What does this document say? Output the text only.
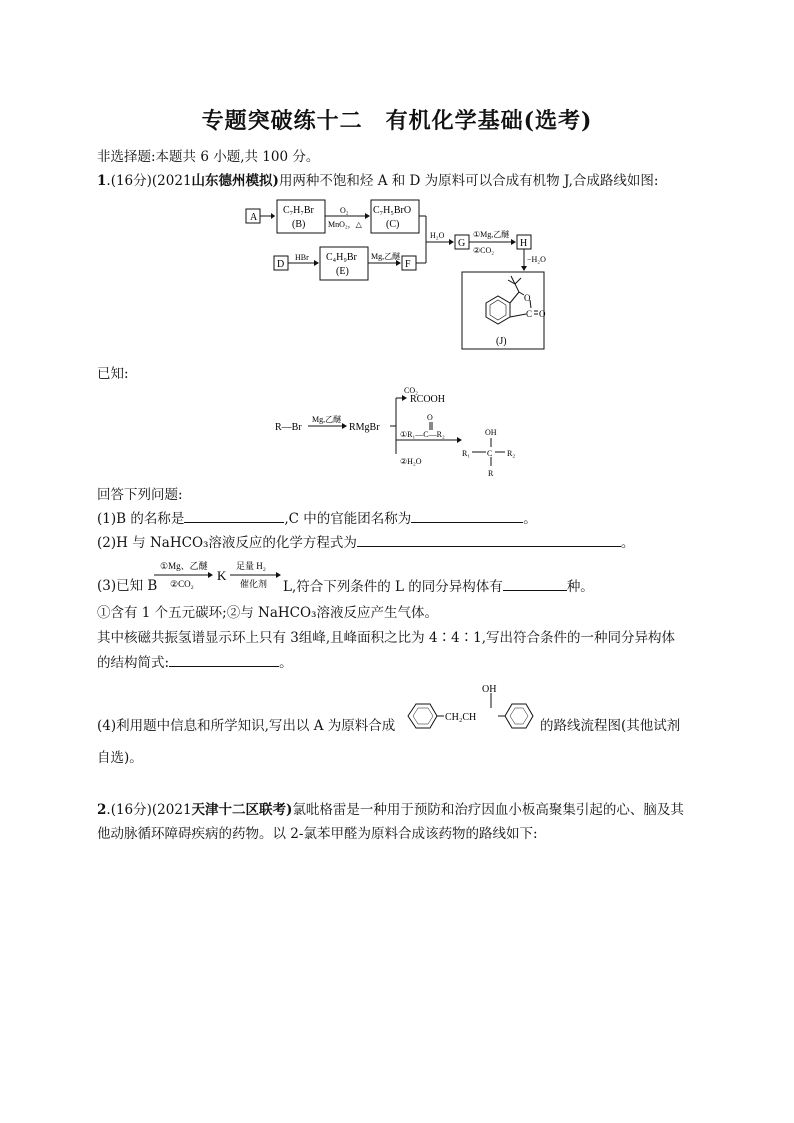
专题突破练十二　有机化学基础(选考)
非选择题:本题共 6 小题,共 100 分。
1.(16分)(2021山东德州模拟)用两种不饱和烃 A 和 D 为原料可以合成有机物 J,合成路线如图:
A
C₇H₇Br
(B)
O₂
MnO₂，△
C₇H₅BrO
(C)
D
HBr C₄H₉Br
(E)
Mg,乙醚
F
H₂O
G
①Mg,乙醚
②CO₂
H
−H₂O
O
C O
(J)
已知:
R—Br
Mg,乙醚
RMgBr
CO₂
RCOOH
O
①R₁—C—R₂
②H₂O
R₁ C R₂
OH
R
回答下列问题:
(1)B 的名称是	,C 中的官能团名称为	。
(2)H 与 NaHCO₃溶液反应的化学方程式为	。
(3)已知 B
①Mg、乙醚
②CO₂
K
足量 H₂
催化剂 L,符合下列条件的 L 的同分异构体有	种。
①含有 1 个五元碳环;②与 NaHCO₃溶液反应产生气体。
其中核磁共振氢谱显示环上只有 3组峰,且峰面积之比为 4∶4∶1,写出符合条件的一种同分异构体
的结构简式:	。
(4)利用题中信息和所学知识,写出以 A 为原料合成
CH₂CH
OH
的路线流程图(其他试剂
自选)。
2.(16分)(2021天津十二区联考)氯吡格雷是一种用于预防和治疗因血小板高聚集引起的心、脑及其
他动脉循环障碍疾病的药物。以 2-氯苯甲醛为原料合成该药物的路线如下:
